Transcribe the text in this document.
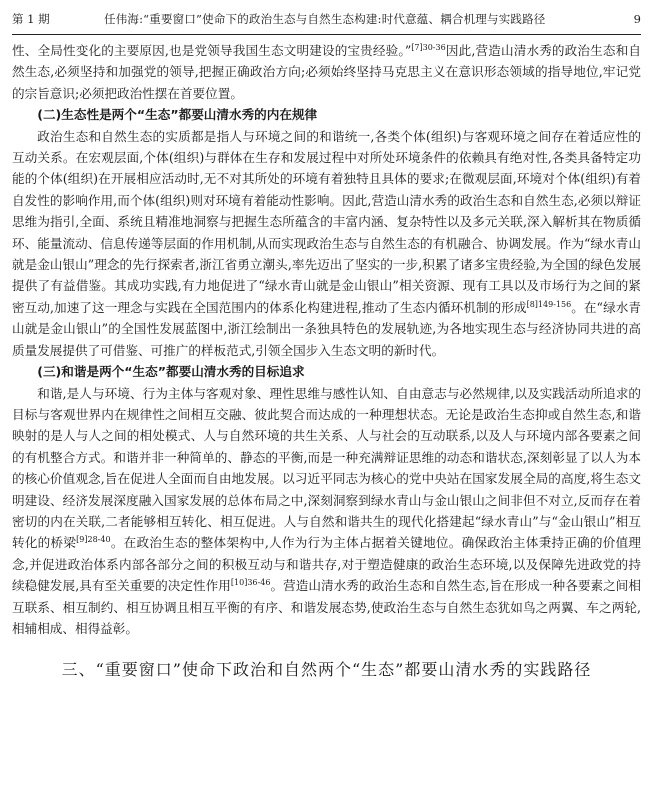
第 1 期	任伟海:“重要窗口”使命下的政治生态与自然生态构建:时代意蕴、耦合机理与实践路径	9

性、全局性变化的主要原因,也是党领导我国生态文明建设的宝贵经验。”$^{[7]30-36}$因此,营造山清水秀的政治生态和自然生态,必须坚持和加强党的领导,把握正确政治方向;必须始终坚持马克思主义在意识形态领域的指导地位,牢记党的宗旨意识;必须把政治性摆在首要位置。

(二)生态性是两个“生态”都要山清水秀的内在规律

政治生态和自然生态的实质都是指人与环境之间的和谐统一,各类个体(组织)与客观环境之间存在着适应性的互动关系。在宏观层面,个体(组织)与群体在生存和发展过程中对所处环境条件的依赖具有绝对性,各类具备特定功能的个体(组织)在开展相应活动时,无不对其所处的环境有着独特且具体的要求;在微观层面,环境对个体(组织)有着自发性的影响作用,而个体(组织)则对环境有着能动性影响。因此,营造山清水秀的政治生态和自然生态,必须以辩证思维为指引,全面、系统且精准地洞察与把握生态所蕴含的丰富内涵、复杂特性以及多元关联,深入解析其在物质循环、能量流动、信息传递等层面的作用机制,从而实现政治生态与自然生态的有机融合、协调发展。作为“绿水青山就是金山银山”理念的先行探索者,浙江省勇立潮头,率先迈出了坚实的一步,积累了诸多宝贵经验,为全国的绿色发展提供了有益借鉴。其成功实践,有力地促进了“绿水青山就是金山银山”相关资源、现有工具以及市场行为之间的紧密互动,加速了这一理念与实践在全国范围内的体系化构建进程,推动了生态内循环机制的形成$^{[8]149-156}$。在“绿水青山就是金山银山”的全国性发展蓝图中,浙江绘制出一条独具特色的发展轨迹,为各地实现生态与经济协同共进的高质量发展提供了可借鉴、可推广的样板范式,引领全国步入生态文明的新时代。

(三)和谐是两个“生态”都要山清水秀的目标追求

和谐,是人与环境、行为主体与客观对象、理性思维与感性认知、自由意志与必然规律,以及实践活动所追求的目标与客观世界内在规律性之间相互交融、彼此契合而达成的一种理想状态。无论是政治生态抑或自然生态,和谐映射的是人与人之间的相处模式、人与自然环境的共生关系、人与社会的互动联系,以及人与环境内部各要素之间的有机整合方式。和谐并非一种简单的、静态的平衡,而是一种充满辩证思维的动态和谐状态,深刻彰显了以人为本的核心价值观念,旨在促进人全面而自由地发展。以习近平同志为核心的党中央站在国家发展全局的高度,将生态文明建设、经济发展深度融入国家发展的总体布局之中,深刻洞察到绿水青山与金山银山之间非但不对立,反而存在着密切的内在关联,二者能够相互转化、相互促进。人与自然和谐共生的现代化搭建起“绿水青山”与“金山银山”相互转化的桥梁$^{[9]28-40}$。在政治生态的整体架构中,人作为行为主体占据着关键地位。确保政治主体秉持正确的价值理念,并促进政治体系内部各部分之间的积极互动与和谐共存,对于塑造健康的政治生态环境,以及保障先进政党的持续稳健发展,具有至关重要的决定性作用$^{[10]36-46}$。营造山清水秀的政治生态和自然生态,旨在形成一种各要素之间相互联系、相互制约、相互协调且相互平衡的有序、和谐发展态势,使政治生态与自然生态犹如鸟之两翼、车之两轮,相辅相成、相得益彰。

三、“重要窗口”使命下政治和自然两个“生态”都要山清水秀的实践路径
